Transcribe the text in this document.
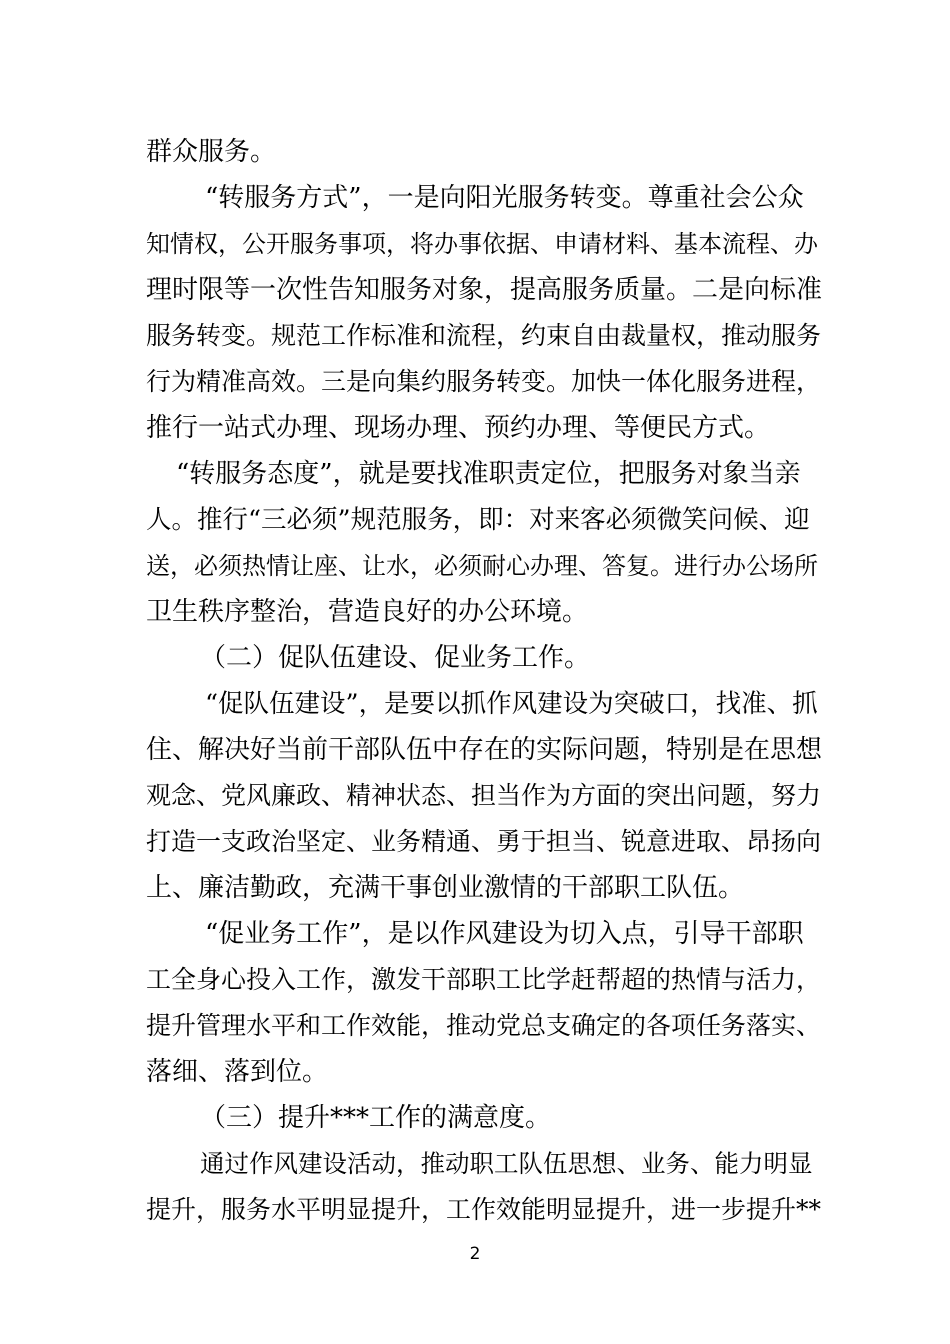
群众服务。
“转服务方式”，一是向阳光服务转变。尊重社会公众
知情权，公开服务事项，将办事依据、申请材料、基本流程、办
理时限等一次性告知服务对象，提高服务质量。二是向标准
服务转变。规范工作标准和流程，约束自由裁量权，推动服务
行为精准高效。三是向集约服务转变。加快一体化服务进程，
推行一站式办理、现场办理、预约办理、等便民方式。
“转服务态度”，就是要找准职责定位，把服务对象当亲
人。推行“三必须”规范服务，即：对来客必须微笑问候、迎
送，必须热情让座、让水，必须耐心办理、答复。进行办公场所
卫生秩序整治，营造良好的办公环境。
（二）促队伍建设、促业务工作。
“促队伍建设”，是要以抓作风建设为突破口，找准、抓
住、解决好当前干部队伍中存在的实际问题，特别是在思想
观念、党风廉政、精神状态、担当作为方面的突出问题，努力
打造一支政治坚定、业务精通、勇于担当、锐意进取、昂扬向
上、廉洁勤政，充满干事创业激情的干部职工队伍。
“促业务工作”，是以作风建设为切入点，引导干部职
工全身心投入工作，激发干部职工比学赶帮超的热情与活力，
提升管理水平和工作效能，推动党总支确定的各项任务落实、
落细、落到位。
（三）提升***工作的满意度。
通过作风建设活动，推动职工队伍思想、业务、能力明显
提升，服务水平明显提升，工作效能明显提升，进一步提升**
2
